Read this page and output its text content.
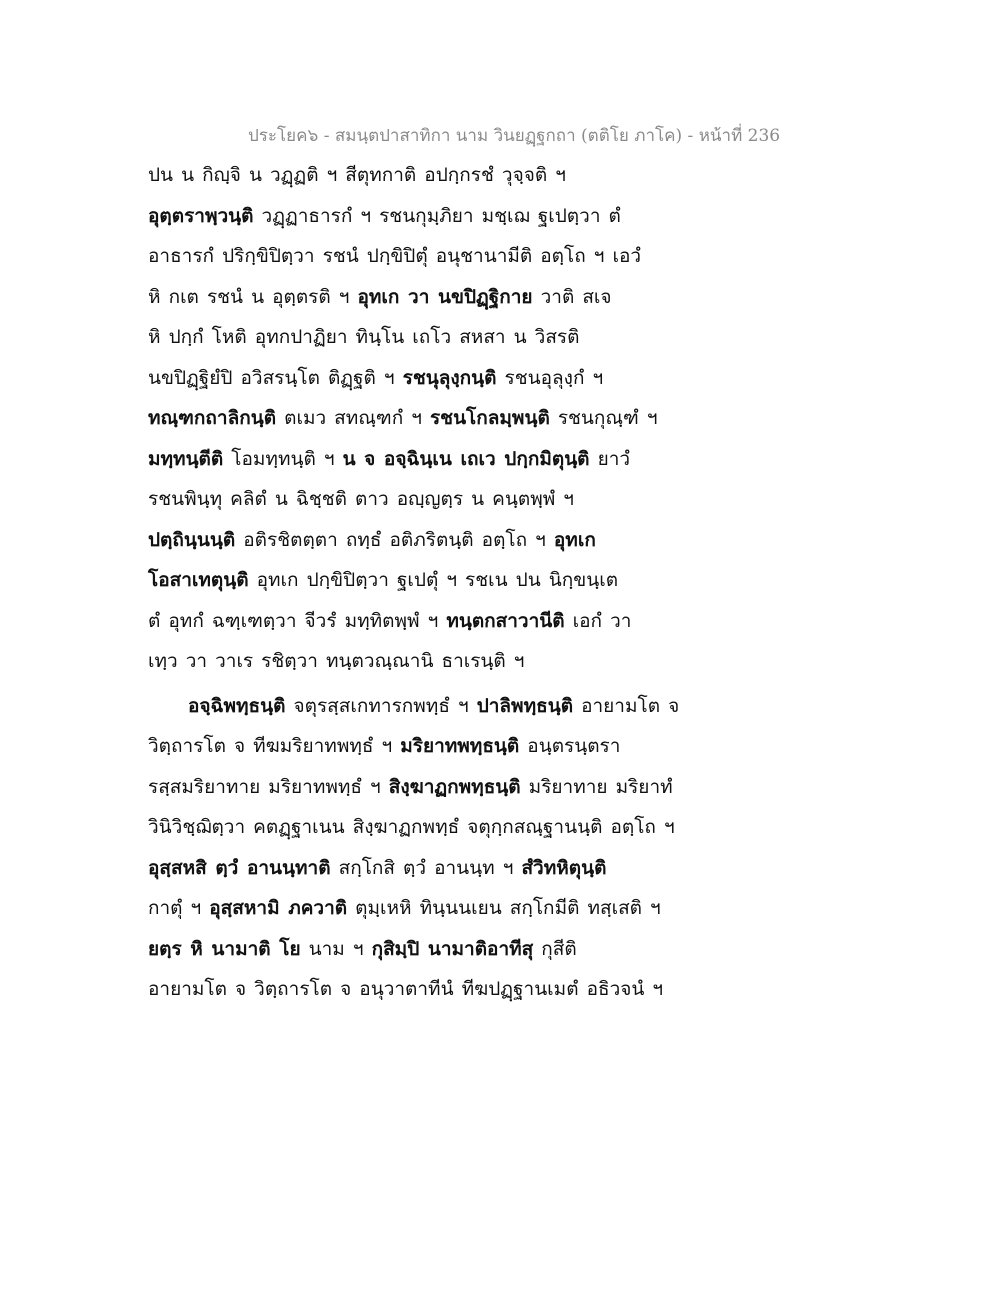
ประโยค๖ - สมนฺตปาสาทิกา นาม วินยฏฺฐกถา (ตติโย ภาโค) - หน้าที่ 236
ปน น กิญฺจิ น วฏฺฏติ ฯ สีตุทกาติ อปกฺกรชํ วุจฺจติ ฯ
อุตฺตราพฺวนฺติ วฏฺฏาธารกํ ฯ รชนกุมฺภิยา มชฺเฌ ฐเปตฺวา ตํ
อาธารกํ ปริกฺขิปิตฺวา รชนํ ปกฺขิปิตุํ อนุชานามีติ อตฺโถ ฯ เอวํ
หิ กเต รชนํ น อุตฺตรติ ฯ อุทเก วา นขปิฏฺฐิกาย วาติ สเจ
หิ ปกฺกํ โหติ อุทกปาฏิยา ทินฺโน เถโว สหสา น วิสรติ
นขปิฏฺฐิยํปิ อวิสรนฺโต ติฏฺฐติ ฯ รชนุลุงฺกนฺติ รชนอุลุงฺกํ ฯ
ทณฺฑกถาลิกนฺติ ตเมว สทณฺฑกํ ฯ รชนโกลมฺพนฺติ รชนกุณฺฑํ ฯ
มทฺทนฺตีติ โอมทฺทนฺติ ฯ น จ อจฺฉินฺเน เถเว ปกฺกมิตุนฺติ ยาวํ
รชนพินฺทุ คลิตํ น ฉิชฺชติ ตาว อญฺญตฺร น คนฺตพฺพํ ฯ
ปตฺถินฺนนฺติ อติรชิตตฺตา ถทฺธํ อติภริตนฺติ อตฺโถ ฯ อุทเก
โอสาเทตุนฺติ อุทเก ปกฺขิปิตฺวา ฐเปตุํ ฯ รชเน ปน นิกฺขนฺเต
ตํ อุทกํ ฉฑฺเฑตฺวา จีวรํ มทฺทิตพฺพํ ฯ ทนฺตกสาวานีติ เอกํ วา
เทฺว วา วาเร รชิตฺวา ทนฺตวณฺณานิ ธาเรนฺติ ฯ
อจฺฉิพทฺธนฺติ จตุรสฺสเกทารกพทฺธํ ฯ ปาลิพทฺธนฺติ อายามโต จ
วิตฺถารโต จ ทีฆมริยาทพทฺธํ ฯ มริยาทพทฺธนฺติ อนฺตรนฺตรา
รสฺสมริยาทาย มริยาทพทฺธํ ฯ สิงฺฆาฏกพทฺธนฺติ มริยาทาย มริยาทํ
วินิวิชฺฌิตฺวา คตฏฺฐาเนน สิงฺฆาฏกพทฺธํ จตุกฺกสณฺฐานนฺติ อตฺโถ ฯ
อุสฺสหสิ ตฺวํ อานนฺทาติ สกฺโกสิ ตฺวํ อานนฺท ฯ สํวิทหิตุนฺติ
กาตุํ ฯ อุสฺสหามิ ภควาติ ตุมฺเหหิ ทินฺนนเยน สกฺโกมีติ ทสฺเสติ ฯ
ยตฺร หิ นามาติ โย นาม ฯ กุสิมฺปิ นามาติอาทีสุ กุสีติ
อายามโต จ วิตฺถารโต จ อนุวาตาทีนํ ทีฆปฏฺฐานเมตํ อธิวจนํ ฯ
